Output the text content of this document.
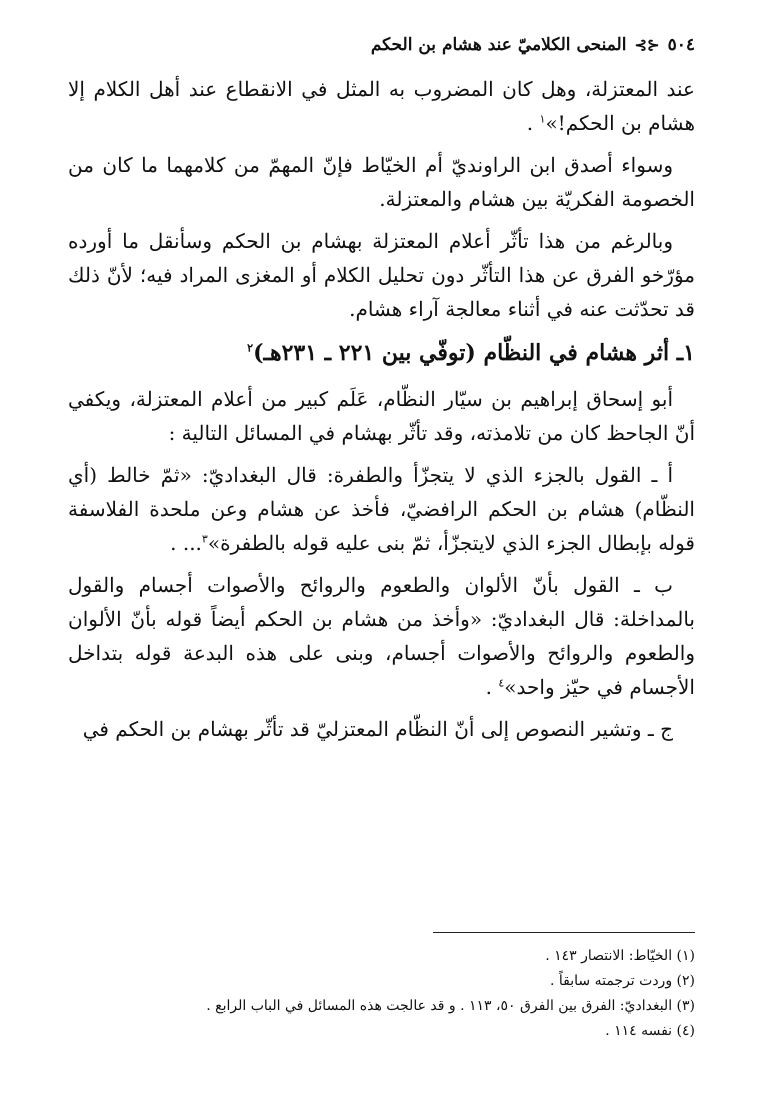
٥٠٤
⊰⊱
المنحى الكلاميّ عند هشام بن الحكم

عند المعتزلة، وهل كان المضروب به المثل في الانقطاع عند أهل الكلام إلا هشام بن الحكم!»$^١$ .

وسواء أصدق ابن الراونديّ أم الخيّاط فإنّ المهمّ من كلامهما ما كان من الخصومة الفكريّة بين هشام والمعتزلة.

وبالرغم من هذا تأثّر أعلام المعتزلة بهشام بن الحكم وسأنقل ما أورده مؤرّخو الفرق عن هذا التأثّر دون تحليل الكلام أو المغزى المراد فيه؛ لأنّ ذلك قد تحدّثت عنه في أثناء معالجة آراء هشام.

١ـ أثر هشام في النظّام (توفّي بين ٢٢١ ـ ٢٣١هـ)$^٢$

أبو إسحاق إبراهيم بن سيّار النظّام، عَلَم كبير من أعلام المعتزلة، ويكفي أنّ الجاحظ كان من تلامذته، وقد تأثّر بهشام في المسائل التالية :

أ ـ القول بالجزء الذي لا يتجزّأ والطفرة: قال البغداديّ: «ثمّ خالط (أي النظّام) هشام بن الحكم الرافضيّ، فأخذ عن هشام وعن ملحدة الفلاسفة قوله بإبطال الجزء الذي لايتجزّأ، ثمّ بنى عليه قوله بالطفرة»$^٣$... .

ب ـ القول بأنّ الألوان والطعوم والروائح والأصوات أجسام والقول بالمداخلة: قال البغداديّ: «وأخذ من هشام بن الحكم أيضاً قوله بأنّ الألوان والطعوم والروائح والأصوات أجسام، وبنى على هذه البدعة قوله بتداخل الأجسام في حيّز واحد»$^٤$ .

ج ـ وتشير النصوص إلى أنّ النظّام المعتزليّ قد تأثّر بهشام بن الحكم في

(١) الخيّاط: الانتصار ١٤٣ .
(٢) وردت ترجمته سابقاً .
(٣) البغداديّ: الفرق بين الفرق ٥٠، ١١٣ . و قد عالجت هذه المسائل في الباب الرابع .
(٤) نفسه ١١٤ .
